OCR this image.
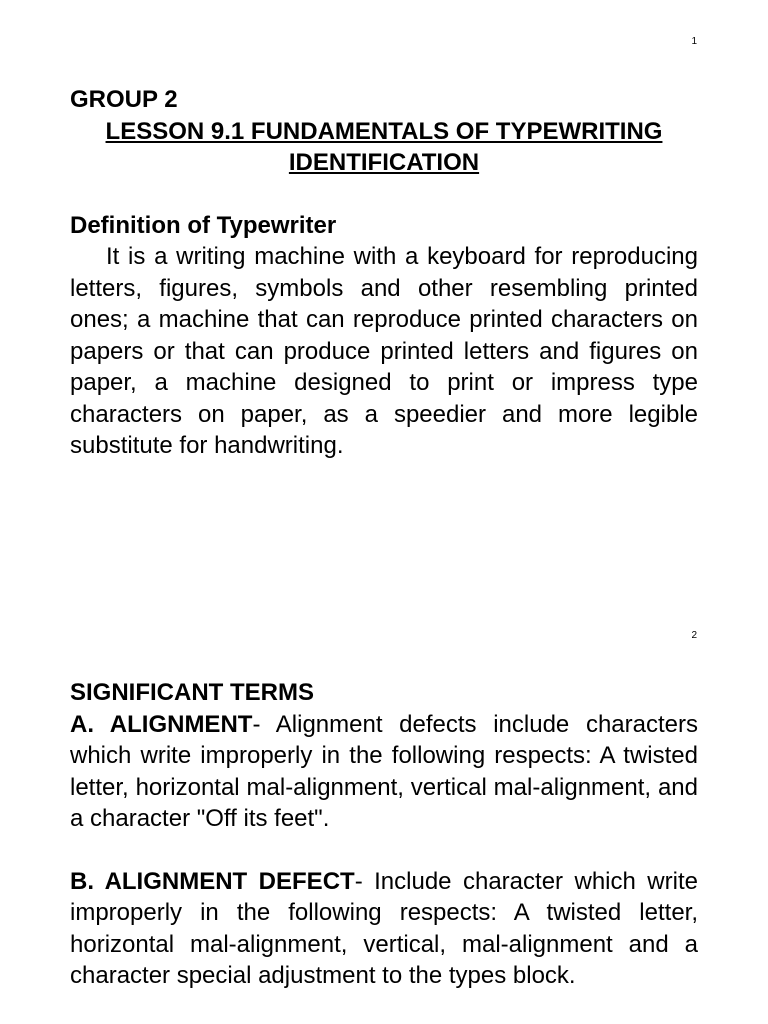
1

GROUP 2

LESSON 9.1 FUNDAMENTALS OF TYPEWRITING IDENTIFICATION

Definition of Typewriter

It is a writing machine with a keyboard for reproducing letters, figures, symbols and other resembling printed ones; a machine that can reproduce printed characters on papers or that can produce printed letters and figures on paper, a machine designed to print or impress type characters on paper, as a speedier and more legible substitute for handwriting.

2

SIGNIFICANT TERMS

A. ALIGNMENT- Alignment defects include characters which write improperly in the following respects: A twisted letter, horizontal mal-alignment, vertical mal-alignment, and a character "Off its feet".

B. ALIGNMENT DEFECT- Include character which write improperly in the following respects: A twisted letter, horizontal mal-alignment, vertical, mal-alignment and a character special adjustment to the types block.
